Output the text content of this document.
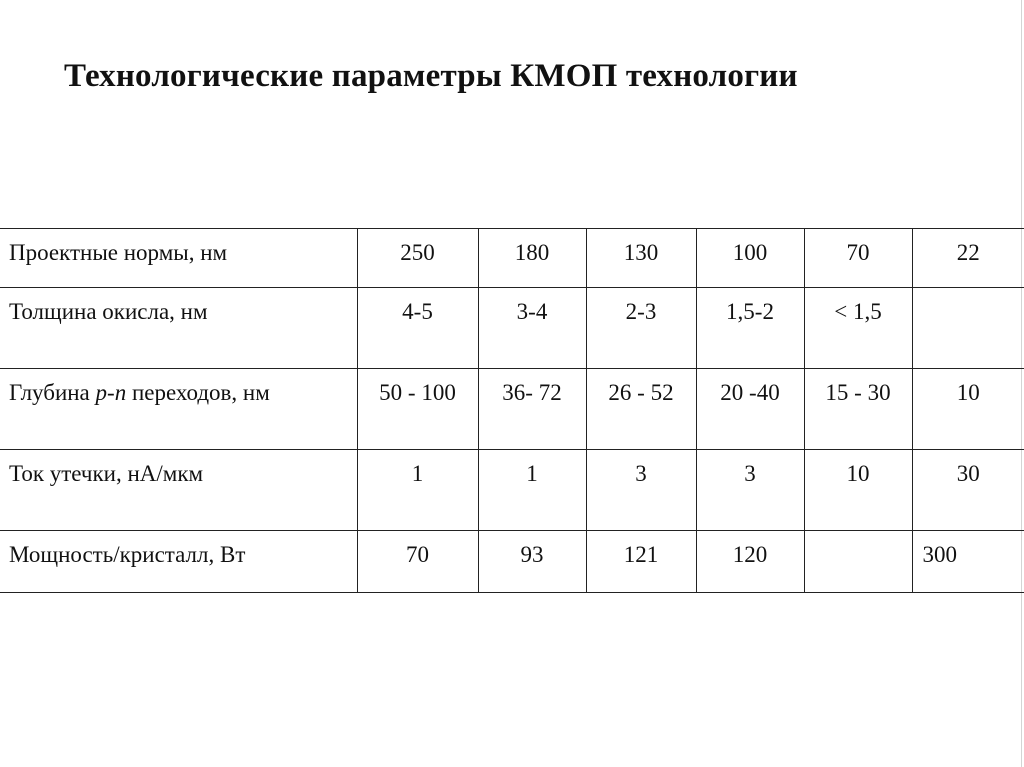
Технологические параметры КМОП технологии
Проектные нормы, нм	250	180	130	100	70	22
Толщина окисла, нм	4-5	3-4	2-3	1,5-2	< 1,5	
Глубина p-n переходов, нм	50 - 100	36- 72	26 - 52	20 -40	15 - 30	10
Ток утечки, нА/мкм	1	1	3	3	10	30
Мощность/кристалл, Вт	70	93	121	120		300
